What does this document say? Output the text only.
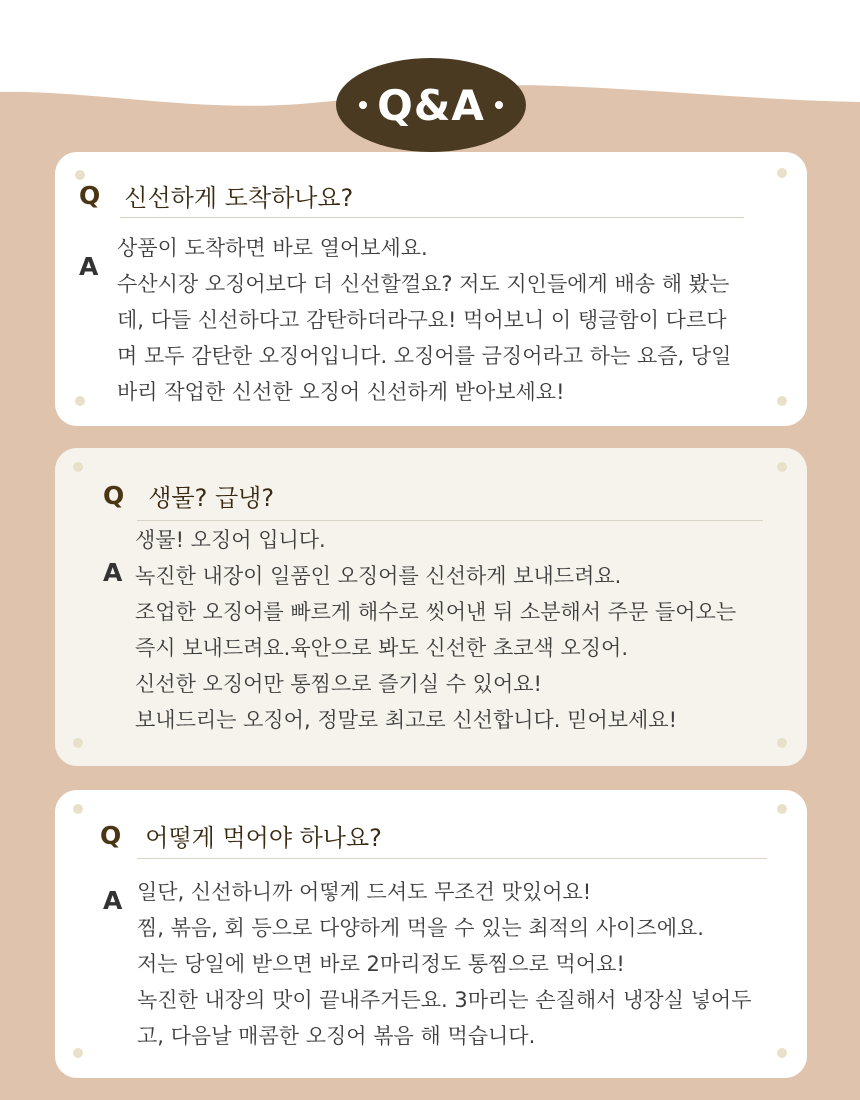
Q&A
Q 신선하게 도착하나요?
A
상품이 도착하면 바로 열어보세요.
수산시장 오징어보다 더 신선할껄요? 저도 지인들에게 배송 해 봤는
데, 다들 신선하다고 감탄하더라구요! 먹어보니 이 탱글함이 다르다
며 모두 감탄한 오징어입니다. 오징어를 금징어라고 하는 요즘, 당일
바리 작업한 신선한 오징어 신선하게 받아보세요!
Q 생물? 급냉?
A
생물! 오징어 입니다.
녹진한 내장이 일품인 오징어를 신선하게 보내드려요.
조업한 오징어를 빠르게 해수로 씻어낸 뒤 소분해서 주문 들어오는
즉시 보내드려요.육안으로 봐도 신선한 초코색 오징어.
신선한 오징어만 통찜으로 즐기실 수 있어요!
보내드리는 오징어, 정말로 최고로 신선합니다. 믿어보세요!
Q 어떻게 먹어야 하나요?
A 일단, 신선하니까 어떻게 드셔도 무조건 맛있어요!
찜, 볶음, 회 등으로 다양하게 먹을 수 있는 최적의 사이즈에요.
저는 당일에 받으면 바로 2마리정도 통찜으로 먹어요!
녹진한 내장의 맛이 끝내주거든요. 3마리는 손질해서 냉장실 넣어두
고, 다음날 매콤한 오징어 볶음 해 먹습니다.
